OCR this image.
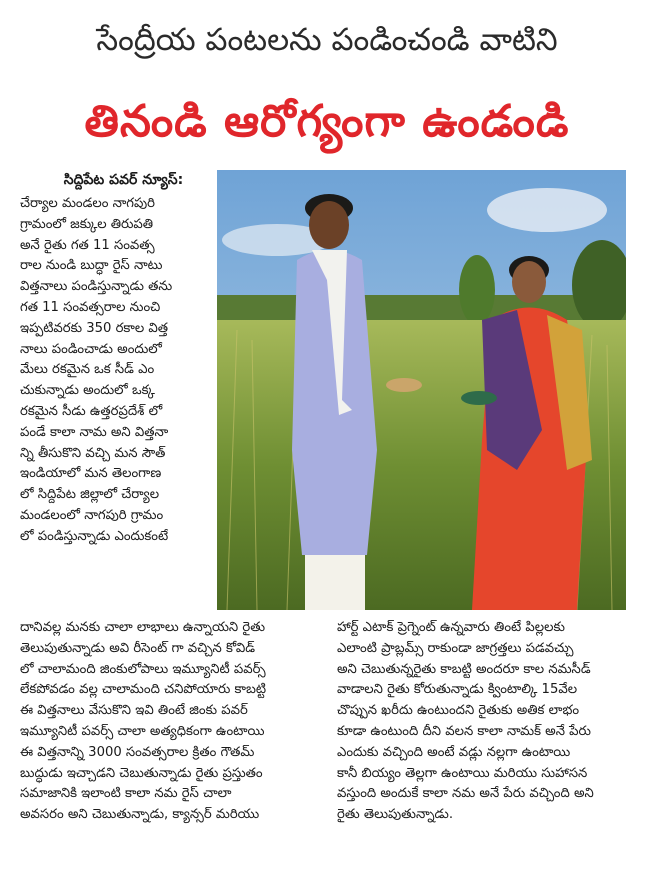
సేంద్రీయ పంటలను పండించండి వాటిని
తినండి ఆరోగ్యంగా ఉండండి
సిద్దిపేట పవర్ న్యూస్:
చేర్యాల మండలం నాగపురి
గ్రామంలో జక్కుల తిరుపతి
అనే రైతు గత 11 సంవత్స
రాల నుండి బుద్ధా రైస్ నాటు
విత్తనాలు పండిస్తున్నాడు తను
గత 11 సంవత్సరాల నుంచి
ఇప్పటివరకు 350 రకాల విత్త
నాలు పండించాడు అందులో
మేలు రకమైన ఒక సీడ్ ఎం
చుకున్నాడు అందులో ఒక్క
రకమైన సీడు ఉత్తరప్రదేశ్ లో
పండే కాలా నామ అని విత్తనా
న్ని తీసుకొని వచ్చి మన సౌత్
ఇండియాలో మన తెలంగాణ
లో సిద్దిపేట జిల్లాలో చేర్యాల
మండలంలో నాగపురి గ్రామం
లో పండిస్తున్నాడు ఎందుకంటే
దానివల్ల మనకు చాలా లాభాలు ఉన్నాయని రైతు
తెలుపుతున్నాడు అవి రీసెంట్ గా వచ్చిన కోవిడ్
లో చాలామంది జింకులోపాలు ఇమ్యూనిటీ పవర్స్
లేకపోవడం వల్ల చాలామంది చనిపోయారు కాబట్టి
ఈ విత్తనాలు వేసుకొని ఇవి తింటే జింకు పవర్
ఇమ్యూనిటీ పవర్స్ చాలా అత్యధికంగా ఉంటాయి
ఈ విత్తనాన్ని 3000 సంవత్సరాల క్రితం గౌతమ్
బుద్ధుడు ఇచ్చాడని చెబుతున్నాడు రైతు ప్రస్తుతం
సమాజానికి ఇలాంటి కాలా నమ రైస్ చాలా
అవసరం అని చెబుతున్నాడు, క్యాన్సర్ మరియు
హార్ట్ ఎటాక్ ప్రెగ్నెంట్ ఉన్నవారు తింటే పిల్లలకు
ఎలాంటి ప్రాబ్లమ్స్ రాకుండా జాగ్రత్తలు పడవచ్చు
అని చెబుతున్నరైతు కాబట్టి అందరూ కాల నమసీడ్
వాడాలని రైతు కోరుతున్నాడు క్వింటాల్కి 15వేల
చొప్పున ఖరీదు ఉంటుందని రైతుకు అతిక లాభం
కూడా ఉంటుంది దీని వలన కాలా నామక్ అనే పేరు
ఎందుకు వచ్చింది అంటే వడ్లు నల్లగా ఉంటాయి
కానీ బియ్యం తెల్లగా ఉంటాయి మరియు సుహాసన
వస్తుంది అందుకే కాలా నమ అనే పేరు వచ్చింది అని
రైతు తెలుపుతున్నాడు.
